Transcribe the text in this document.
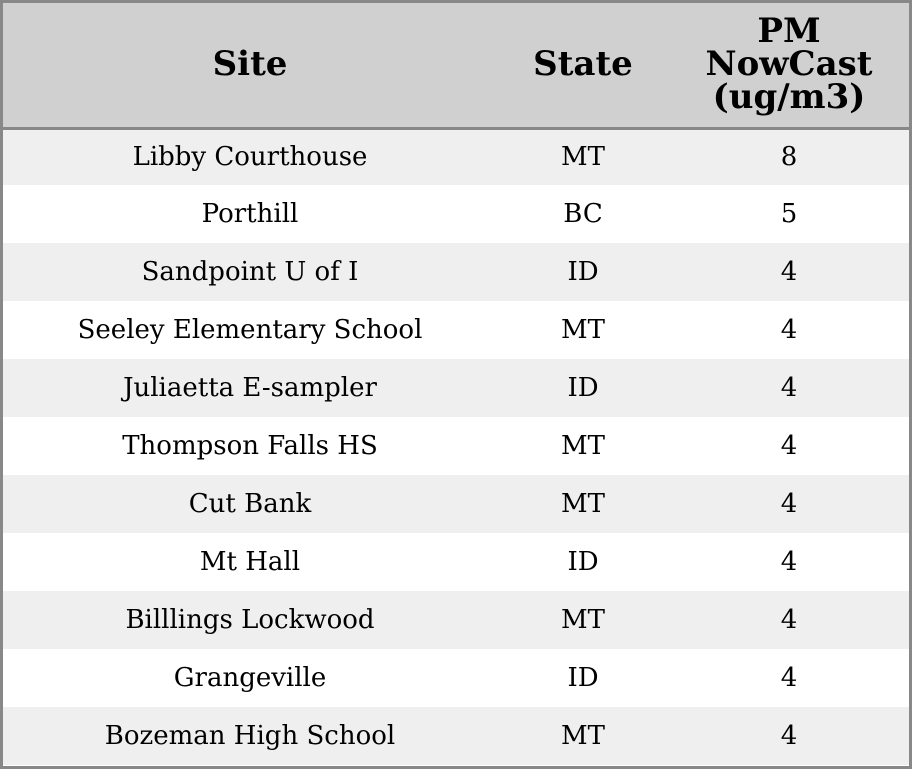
Site	State	PM
NowCast
(ug/m3)

Libby Courthouse	MT	8
Porthill	BC	5
Sandpoint U of I	ID	4
Seeley Elementary School	MT	4
Juliaetta E-sampler	ID	4
Thompson Falls HS	MT	4
Cut Bank	MT	4
Mt Hall	ID	4
Billlings Lockwood	MT	4
Grangeville	ID	4
Bozeman High School	MT	4
